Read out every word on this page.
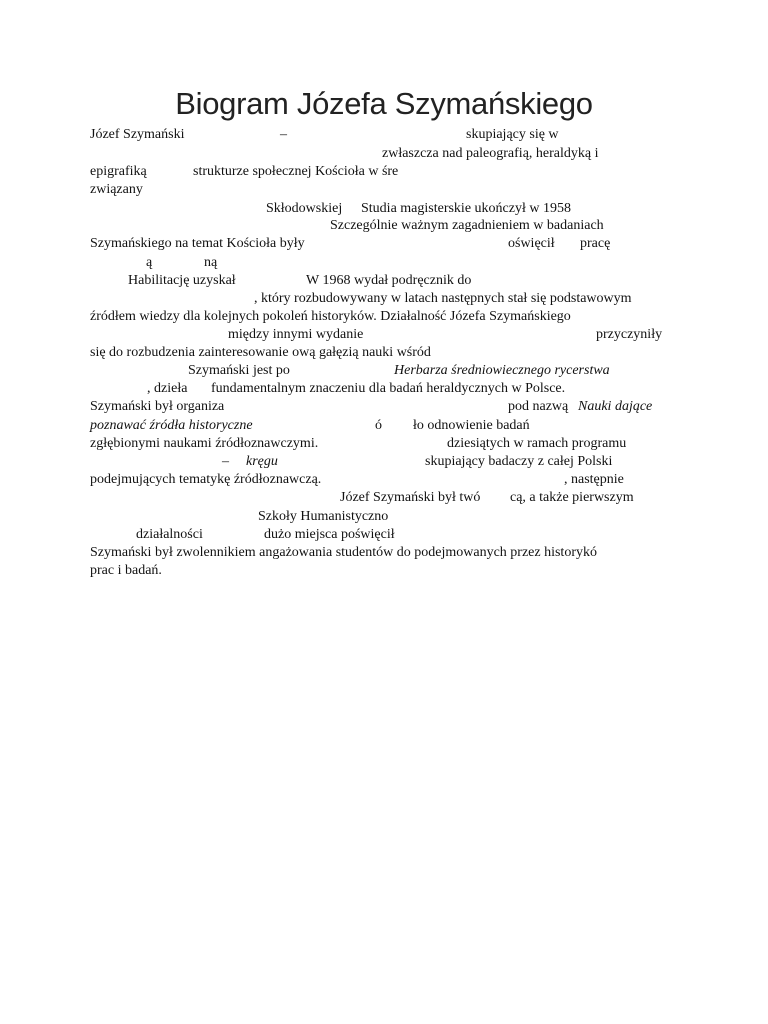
Biogram Józefa Szymańskiego
Józef Szymański	–	skupiający się w
zwłaszcza nad paleografią, heraldyką i
epigrafiką	strukturze społecznej Kościoła w śre
związany
Skłodowskiej Studia magisterskie ukończył w 1958
Szczególnie ważnym zagadnieniem w badaniach
Szymańskiego na temat Kościoła były	oświęcił pracę
ą	ną
Habilitację uzyskał	W 1968 wydał podręcznik do
, który rozbudowywany w latach następnych stał się podstawowym
źródłem wiedzy dla kolejnych pokoleń historyków. Działalność Józefa Szymańskiego
między innymi wydanie	przyczyniły
się do rozbudzenia zainteresowanie ową gałęzią nauki wśród
Szymański jest po	Herbarza średniowiecznego rycerstwa
, dzieła fundamentalnym znaczeniu dla badań heraldycznych w Polsce.
Szymański był organiza	pod nazwą Nauki dające
poznawać źródła historyczne	ó ło odnowienie badań
zgłębionymi naukami źródłoznawczymi.	dziesiątych w ramach programu
– kręgu	skupiający badaczy z całej Polski
podejmujących tematykę źródłoznawczą.	, następnie
Józef Szymański był twó cą, a także pierwszym
Szkoły Humanistyczno
działalności	dużo miejsca poświęcił
Szymański był zwolennikiem angażowania studentów do podejmowanych przez historykó
prac i badań.
